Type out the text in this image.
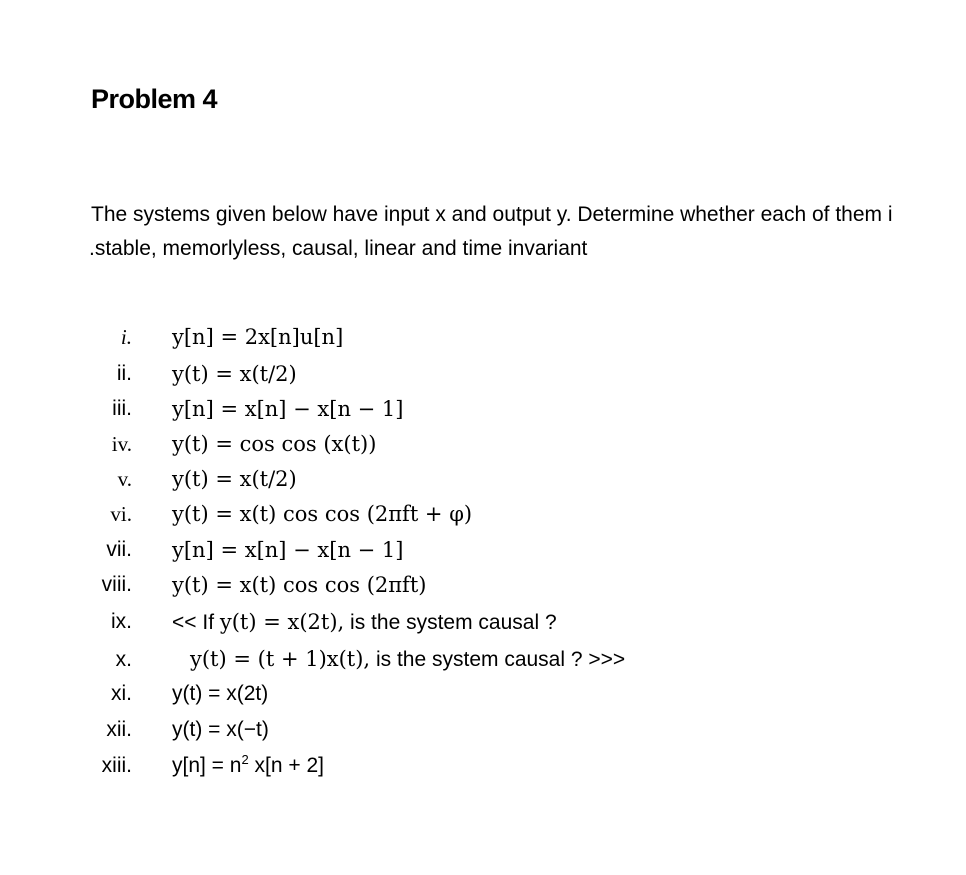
Problem 4
The systems given below have input x and output y. Determine whether each of them i
.stable, memorlyless, causal, linear and time invariant
i. y[n] = 2x[n]u[n]
ii. y(t) = x(t/2)
iii. y[n] = x[n] − x[n − 1]
iv. y(t) = cos cos (x(t))
v. y(t) = x(t/2)
vi. y(t) = x(t) cos cos (2πft + φ)
vii. y[n] = x[n] − x[n − 1]
viii. y(t) = x(t) cos cos (2πft)
ix. << If y(t) = x(2t), is the system causal ?
x.	y(t) = (t + 1)x(t), is the system causal ? >>>
xi. y(t) = x(2t)
xii. y(t) = x(−t)
xiii. $y[n] = n^2$ x[n + 2]
